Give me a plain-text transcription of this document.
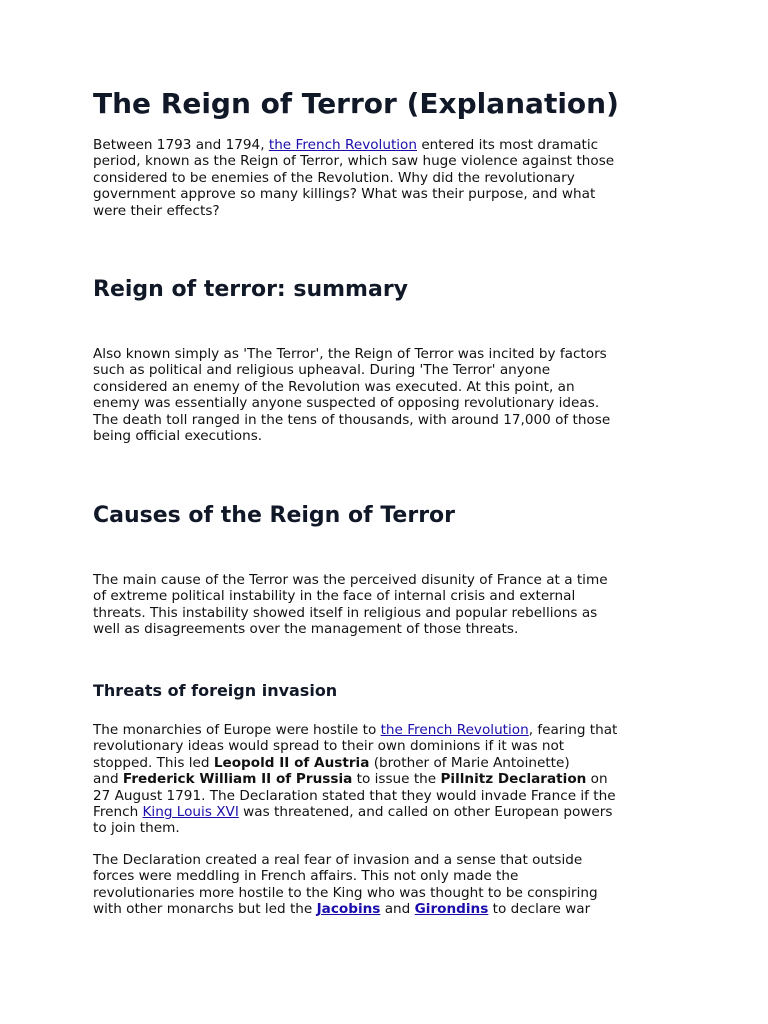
The Reign of Terror (Explanation)

Between 1793 and 1794, the French Revolution entered its most dramatic
period, known as the Reign of Terror, which saw huge violence against those
considered to be enemies of the Revolution. Why did the revolutionary
government approve so many killings? What was their purpose, and what
were their effects?

Reign of terror: summary

Also known simply as 'The Terror', the Reign of Terror was incited by factors
such as political and religious upheaval. During 'The Terror' anyone
considered an enemy of the Revolution was executed. At this point, an
enemy was essentially anyone suspected of opposing revolutionary ideas.
The death toll ranged in the tens of thousands, with around 17,000 of those
being official executions.

Causes of the Reign of Terror

The main cause of the Terror was the perceived disunity of France at a time
of extreme political instability in the face of internal crisis and external
threats. This instability showed itself in religious and popular rebellions as
well as disagreements over the management of those threats.

Threats of foreign invasion

The monarchies of Europe were hostile to the French Revolution, fearing that
revolutionary ideas would spread to their own dominions if it was not
stopped. This led Leopold II of Austria (brother of Marie Antoinette)
and Frederick William II of Prussia to issue the Pillnitz Declaration on
27 August 1791. The Declaration stated that they would invade France if the
French King Louis XVI was threatened, and called on other European powers
to join them.

The Declaration created a real fear of invasion and a sense that outside
forces were meddling in French affairs. This not only made the
revolutionaries more hostile to the King who was thought to be conspiring
with other monarchs but led the Jacobins and Girondins to declare war
